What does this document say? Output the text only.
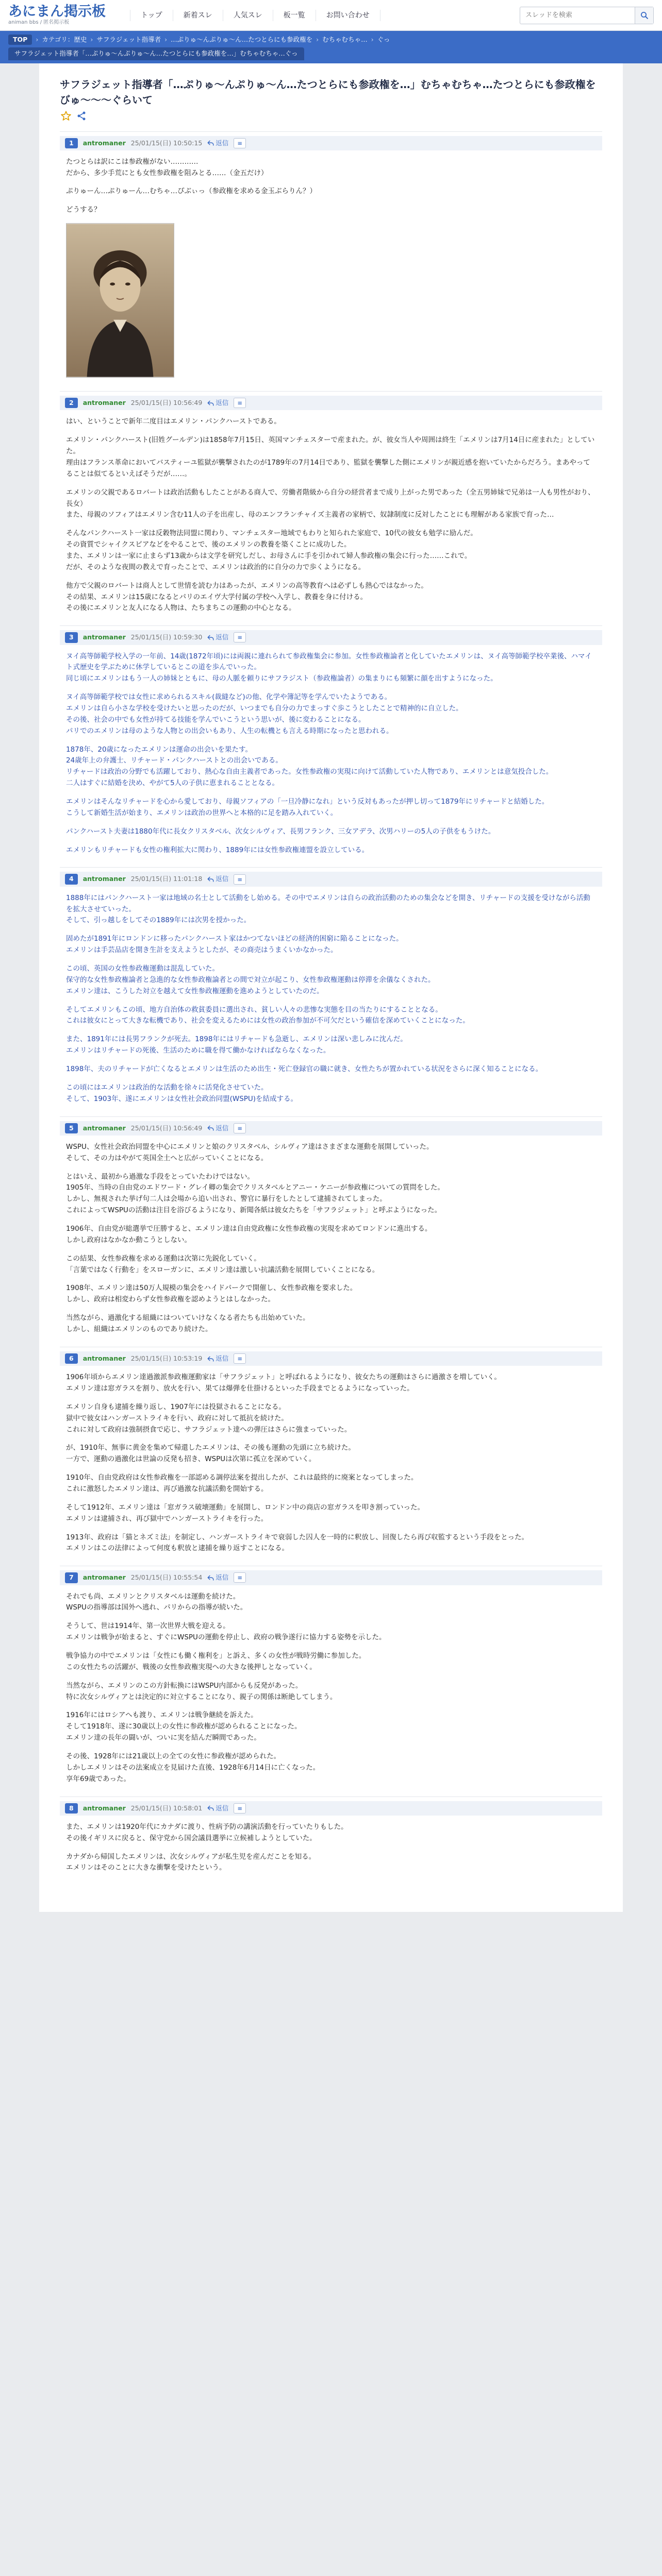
あにまん掲示板
animan bbs / 匿名掲示板
トップ	新着スレ	人気スレ	板一覧	お問い合わせ
スレッドを検索
TOP	› カテゴリ：歴史 › サフラジェット指導者 › …ぷりゅ〜んぷりゅ〜ん…たつとらにも参政権を › むちゃむちゃ… › ぐっ
サフラジェット指導者「…ぷりゅ〜んぷりゅ〜ん…たつとらにも参政権を…」むちゃむちゃ…ぐっ
サフラジェット指導者「…ぷりゅ〜んぷりゅ〜ん…たつとらにも参政権を…」むちゃむちゃ…たつとらにも参政権をびゅ〜〜〜ぐらいて
1	antromaner 25/01/15(日) 10:50:15 返信	≡
たつとらは訳にこは参政権がない…………
だから、多少手荒にとも女性参政権を阻みとる……（金五だけ）
ぷりゅーん…ぷりゅーん…むちゃ…ぴぶぃっ（参政権を求める金玉ぶらりん？）
どうする？
2	antromaner 25/01/15(日) 10:56:49 返信	≡
はい、ということで新年二度目はエメリン・パンクハーストである。
エメリン・パンクハースト(旧姓グールデン)は1858年7月15日、英国マンチェスターで産まれた。が、彼女当人や周囲は終生「エメリンは7月14日に産まれた」としていた。
理由はフランス革命においてバスティーユ監獄が襲撃されたのが1789年の7月14日であり、監獄を襲撃した側にエメリンが親近感を抱いていたからだろう。まあやってることは似てるといえばそうだが……。
エメリンの父親であるロバートは政治活動もしたことがある商人で、労働者階級から自分の経営者まで成り上がった男であった（全五男姉妹で兄弟は一人も男性がおり、長女）
また、母親のソフィアはエメリン含む11人の子を出産し、母のエンフランチャイズ主義者の家柄で、奴隷制度に反対したことにも理解がある家族で育った…
そんなパンクハースト一家は反穀物法同盟に関わり、マンチェスター地域でもわりと知られた家庭で、10代の彼女も勉学に励んだ。
その資質でシャイクスピアなどをやることで、後のエメリンの教養を築くことに成功した。
また、エメリンは一家に止まらず13歳からは文学を研究しだし、お母さんに手を引かれて婦人参政権の集会に行った……これで。
だが、そのような夜間の教えで育ったことで、エメリンは政治的に自分の力で歩くようになる。
他方で父親のロバートは商人として世情を読む力はあったが、エメリンの高等教育へは必ずしも熱心ではなかった。
その結果、エメリンは15歳になるとパリのエイヴ大学付属の学校へ入学し、教養を身に付ける。
その後にエメリンと友人になる人物は、たちまちこの運動の中心となる。
3	antromaner 25/01/15(日) 10:59:30 返信	≡
ヌイ高等師範学校入学の一年前、14歳(1872年頃)には両親に連れられて参政権集会に参加。女性参政権論者と化していたエメリンは、ヌイ高等師範学校卒業後、ハマイト式歴史を学ぶために休学しているとこの道を歩んでいった。
同じ頃にエメリンはもう一人の姉妹とともに、母の人脈を頼りにサフラジスト（参政権論者）の集まりにも頻繁に顔を出すようになった。
ヌイ高等師範学校では女性に求められるスキル(裁縫など)の他、化学や簿記等を学んでいたようである。
エメリンは自ら小さな学校を受けたいと思ったのだが、いつまでも自分の力でまっすぐ歩こうとしたことで精神的に自立した。
その後、社会の中でも女性が持てる技能を学んでいこうという思いが、後に変わることになる。
パリでのエメリンは母のような人物との出会いもあり、人生の転機とも言える時期になったと思われる。
1878年、20歳になったエメリンは運命の出会いを果たす。
24歳年上の弁護士、リチャード・パンクハーストとの出会いである。
リチャードは政治の分野でも活躍しており、熱心な自由主義者であった。女性参政権の実現に向けて活動していた人物であり、エメリンとは意気投合した。
二人はすぐに結婚を決め、やがて5人の子供に恵まれることとなる。
エメリンはそんなリチャードを心から愛しており、母親ソフィアの「一旦冷静になれ」という反対もあったが押し切って1879年にリチャードと結婚した。
こうして新婚生活が始まり、エメリンは政治の世界へと本格的に足を踏み入れていく。
パンクハースト夫妻は1880年代に長女クリスタベル、次女シルヴィア、長男フランク、三女アデラ、次男ハリーの5人の子供をもうけた。
エメリンもリチャードも女性の権利拡大に関わり、1889年には女性参政権連盟を設立している。
4	antromaner 25/01/15(日) 11:01:18 返信	≡
1888年にはパンクハースト一家は地域の名士として活動をし始める。その中でエメリンは自らの政治活動のための集会などを開き、リチャードの支援を受けながら活動を拡大させていった。
そして、引っ越しをしてその1889年には次男を授かった。
固めたが1891年にロンドンに移ったパンクハースト家はかつてないほどの経済的困窮に陥ることになった。
エメリンは手芸品店を開き生計を支えようとしたが、その商売はうまくいかなかった。
この頃、英国の女性参政権運動は混乱していた。
保守的な女性参政権論者と急進的な女性参政権論者との間で対立が起こり、女性参政権運動は停滞を余儀なくされた。
エメリン達は、こうした対立を越えて女性参政権運動を進めようとしていたのだ。
そしてエメリンもこの頃、地方自治体の救貧委員に選出され、貧しい人々の悲惨な実態を目の当たりにすることとなる。
これは彼女にとって大きな転機であり、社会を変えるためには女性の政治参加が不可欠だという確信を深めていくことになった。
また、1891年には長男フランクが死去。1898年にはリチャードも急逝し、エメリンは深い悲しみに沈んだ。
エメリンはリチャードの死後、生活のために職を得て働かなければならなくなった。
1898年、夫のリチャードが亡くなるとエメリンは生活のため出生・死亡登録官の職に就き、女性たちが置かれている状況をさらに深く知ることになる。
この頃にはエメリンは政治的な活動を徐々に活発化させていた。
そして、1903年、遂にエメリンは女性社会政治同盟(WSPU)を結成する。
5	antromaner 25/01/15(日) 10:56:49 返信	≡
WSPU、女性社会政治同盟を中心にエメリンと娘のクリスタベル、シルヴィア達はさまざまな運動を展開していった。
そして、その力はやがて英国全土へと広がっていくことになる。
とはいえ、最初から過激な手段をとっていたわけではない。
1905年、当時の自由党のエドワード・グレイ卿の集会でクリスタベルとアニー・ケニーが参政権についての質問をした。
しかし、無視された挙げ句二人は会場から追い出され、警官に暴行をしたとして逮捕されてしまった。
これによってWSPUの活動は注目を浴びるようになり、新聞各紙は彼女たちを「サフラジェット」と呼ぶようになった。
1906年、自由党が総選挙で圧勝すると、エメリン達は自由党政権に女性参政権の実現を求めてロンドンに進出する。
しかし政府はなかなか動こうとしない。
この結果、女性参政権を求める運動は次第に先鋭化していく。
「言葉ではなく行動を」をスローガンに、エメリン達は激しい抗議活動を展開していくことになる。
1908年、エメリン達は50万人規模の集会をハイドパークで開催し、女性参政権を要求した。
しかし、政府は相変わらず女性参政権を認めようとはしなかった。
当然ながら、過激化する組織にはついていけなくなる者たちも出始めていた。
しかし、組織はエメリンのものであり続けた。
6	antromaner 25/01/15(日) 10:53:19 返信	≡
1906年頃からエメリン達過激派参政権運動家は「サフラジェット」と呼ばれるようになり、彼女たちの運動はさらに過激さを増していく。
エメリン達は窓ガラスを割り、放火を行い、果ては爆弾を仕掛けるといった手段までとるようになっていった。
エメリン自身も逮捕を繰り返し、1907年には投獄されることになる。
獄中で彼女はハンガーストライキを行い、政府に対して抵抗を続けた。
これに対して政府は強制摂食で応じ、サフラジェット達への弾圧はさらに強まっていった。
が、1910年、無事に黄金を集めて帰還したエメリンは、その後も運動の先頭に立ち続けた。
一方で、運動の過激化は世論の反発も招き、WSPUは次第に孤立を深めていく。
1910年、自由党政府は女性参政権を一部認める調停法案を提出したが、これは最終的に廃案となってしまった。
これに激怒したエメリン達は、再び過激な抗議活動を開始する。
そして1912年、エメリン達は「窓ガラス破壊運動」を展開し、ロンドン中の商店の窓ガラスを叩き割っていった。
エメリンは逮捕され、再び獄中でハンガーストライキを行った。
1913年、政府は「猫とネズミ法」を制定し、ハンガーストライキで衰弱した囚人を一時的に釈放し、回復したら再び収監するという手段をとった。
エメリンはこの法律によって何度も釈放と逮捕を繰り返すことになる。
7	antromaner 25/01/15(日) 10:55:54 返信	≡
それでも尚、エメリンとクリスタベルは運動を続けた。
WSPUの指導部は国外へ逃れ、パリからの指導が続いた。
そうして、世は1914年、第一次世界大戦を迎える。
エメリンは戦争が始まると、すぐにWSPUの運動を停止し、政府の戦争遂行に協力する姿勢を示した。
戦争協力の中でエメリンは「女性にも働く権利を」と訴え、多くの女性が戦時労働に参加した。
この女性たちの活躍が、戦後の女性参政権実現への大きな後押しとなっていく。
当然ながら、エメリンのこの方針転換にはWSPU内部からも反発があった。
特に次女シルヴィアとは決定的に対立することになり、親子の関係は断絶してしまう。
1916年にはロシアへも渡り、エメリンは戦争継続を訴えた。
そして1918年、遂に30歳以上の女性に参政権が認められることになった。
エメリン達の長年の闘いが、ついに実を結んだ瞬間であった。
その後、1928年には21歳以上の全ての女性に参政権が認められた。
しかしエメリンはその法案成立を見届けた直後、1928年6月14日に亡くなった。
享年69歳であった。
8	antromaner 25/01/15(日) 10:58:01 返信	≡
また、エメリンは1920年代にカナダに渡り、性病予防の講演活動を行っていたりもした。
その後イギリスに戻ると、保守党から国会議員選挙に立候補しようとしていた。
カナダから帰国したエメリンは、次女シルヴィアが私生児を産んだことを知る。
エメリンはそのことに大きな衝撃を受けたという。
